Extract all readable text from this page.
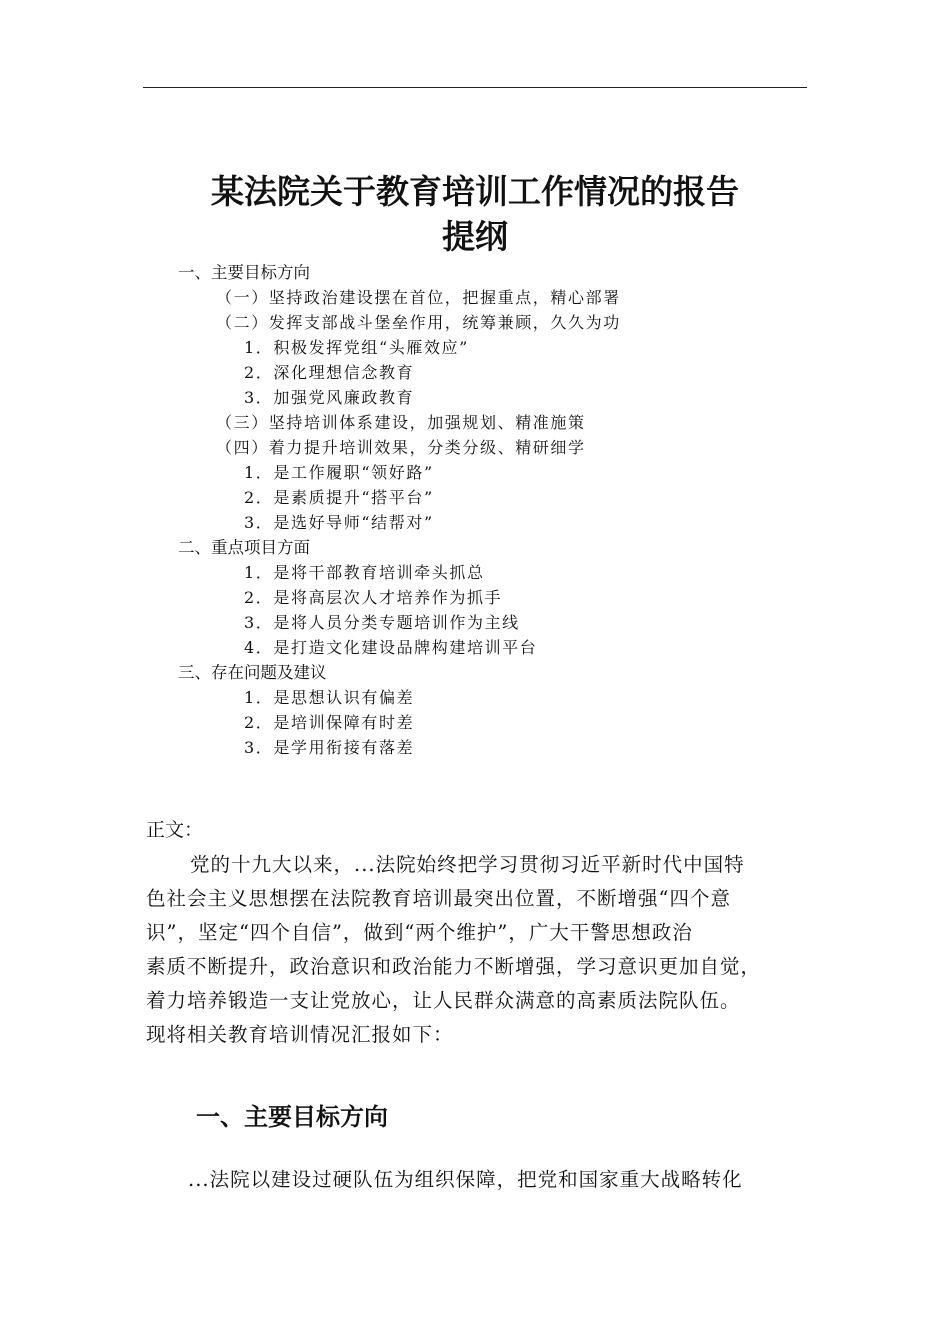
某法院关于教育培训工作情况的报告
提纲
一、主要目标方向
（一）坚持政治建设摆在首位，把握重点，精心部署
（二）发挥支部战斗堡垒作用，统筹兼顾，久久为功
1．积极发挥党组“头雁效应”
2．深化理想信念教育
3．加强党风廉政教育
（三）坚持培训体系建设，加强规划、精准施策
（四）着力提升培训效果，分类分级、精研细学
1．是工作履职“领好路”
2．是素质提升“搭平台”
3．是选好导师“结帮对”
二、重点项目方面
1．是将干部教育培训牵头抓总
2．是将高层次人才培养作为抓手
3．是将人员分类专题培训作为主线
4．是打造文化建设品牌构建培训平台
三、存在问题及建议
1．是思想认识有偏差
2．是培训保障有时差
3．是学用衔接有落差
正文：
党的十九大以来，...法院始终把学习贯彻习近平新时代中国特
色社会主义思想摆在法院教育培训最突出位置，不断增强“四个意
识”，坚定“四个自信”，做到“两个维护”，广大干警思想政治
素质不断提升，政治意识和政治能力不断增强，学习意识更加自觉，
着力培养锻造一支让党放心，让人民群众满意的高素质法院队伍。
现将相关教育培训情况汇报如下：
一、主要目标方向
...法院以建设过硬队伍为组织保障，把党和国家重大战略转化
